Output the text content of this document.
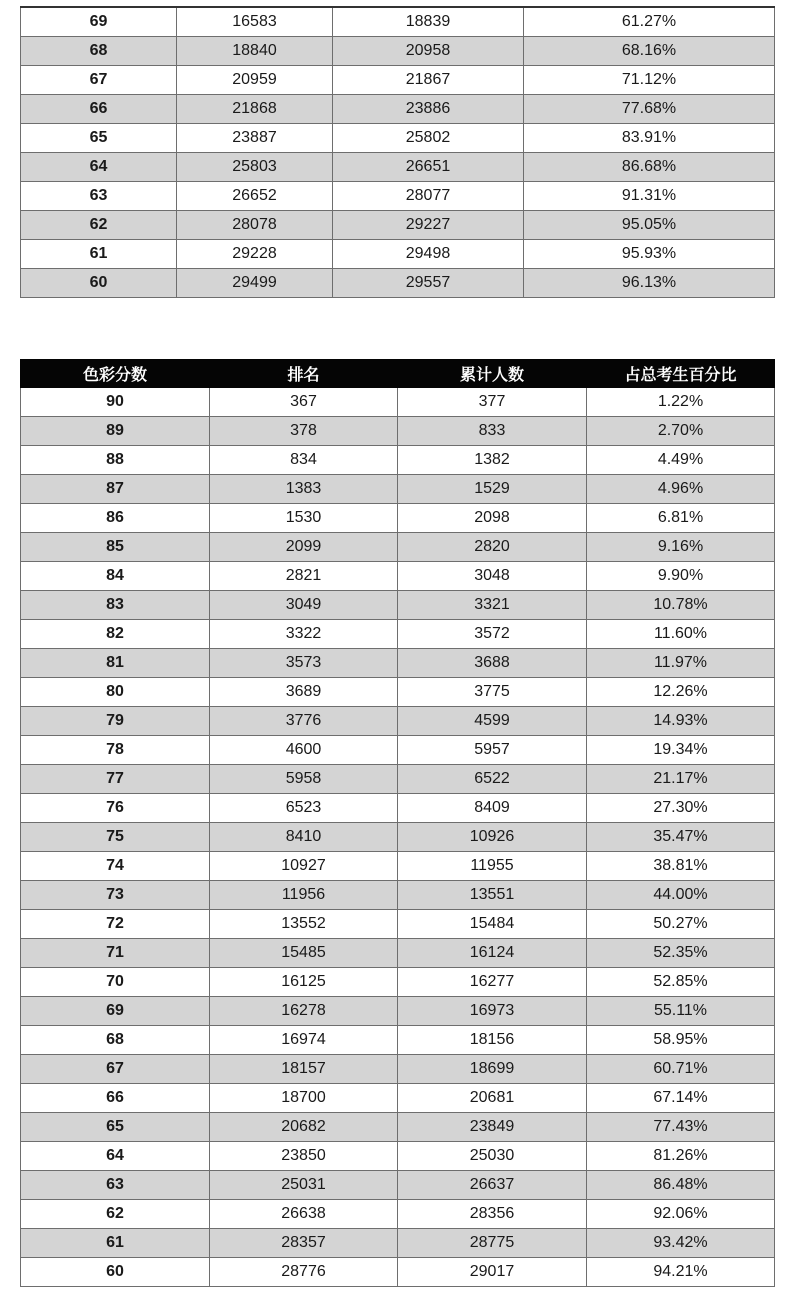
69	16583	18839	61.27%
68	18840	20958	68.16%
67	20959	21867	71.12%
66	21868	23886	77.68%
65	23887	25802	83.91%
64	25803	26651	86.68%
63	26652	28077	91.31%
62	28078	29227	95.05%
61	29228	29498	95.93%
60	29499	29557	96.13%
色彩分数	排名	累计人数	占总考生百分比
90	367	377	1.22%
89	378	833	2.70%
88	834	1382	4.49%
87	1383	1529	4.96%
86	1530	2098	6.81%
85	2099	2820	9.16%
84	2821	3048	9.90%
83	3049	3321	10.78%
82	3322	3572	11.60%
81	3573	3688	11.97%
80	3689	3775	12.26%
79	3776	4599	14.93%
78	4600	5957	19.34%
77	5958	6522	21.17%
76	6523	8409	27.30%
75	8410	10926	35.47%
74	10927	11955	38.81%
73	11956	13551	44.00%
72	13552	15484	50.27%
71	15485	16124	52.35%
70	16125	16277	52.85%
69	16278	16973	55.11%
68	16974	18156	58.95%
67	18157	18699	60.71%
66	18700	20681	67.14%
65	20682	23849	77.43%
64	23850	25030	81.26%
63	25031	26637	86.48%
62	26638	28356	92.06%
61	28357	28775	93.42%
60	28776	29017	94.21%
